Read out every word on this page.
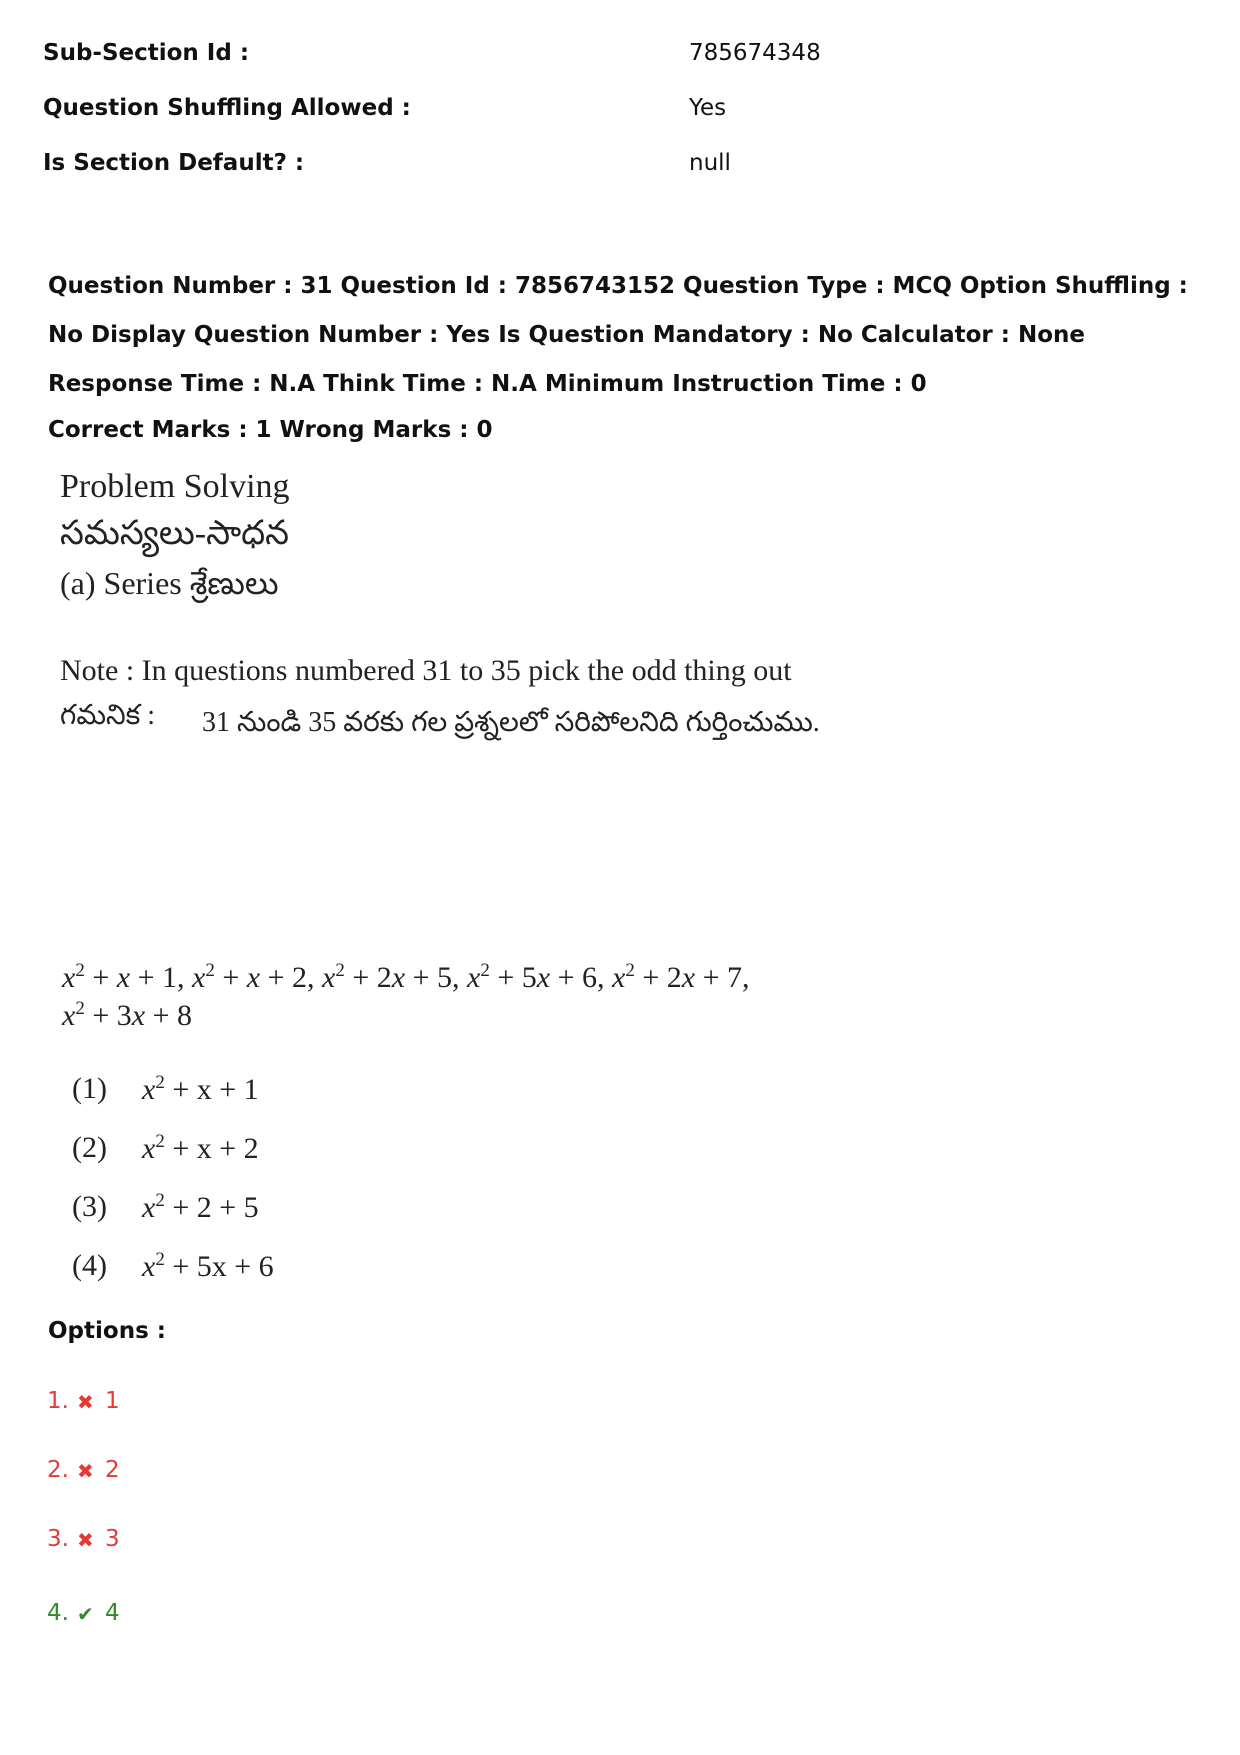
Sub-Section Id :	785674348
Question Shuffling Allowed :	Yes
Is Section Default? :	null
Question Number : 31 Question Id : 7856743152 Question Type : MCQ Option Shuffling : No Display Question Number : Yes Is Question Mandatory : No Calculator : None Response Time : N.A Think Time : N.A Minimum Instruction Time : 0
Correct Marks : 1 Wrong Marks : 0
Problem Solving
సమస్యలు-సాధన
(a) Series శ్రేణులు
Note : In questions numbered 31 to 35 pick the odd thing out
గమనిక : 31 నుండి 35 వరకు గల ప్రశ్నలలో సరిపోలనిది గుర్తించుము.
$x^2 + x + 1$, $x^2 + x + 2$, $x^2 + 2x + 5$, $x^2 + 5x + 6$, $x^2 + 2x + 7$,
$x^2 + 3x + 8$
(1) $x^2 + x + 1$
(2) $x^2 + x + 2$
(3) $x^2 + 2 + 5$
(4) $x^2 + 5x + 6$
Options :
1. ✖ 1
2. ✖ 2
3. ✖ 3
4. ✔ 4
